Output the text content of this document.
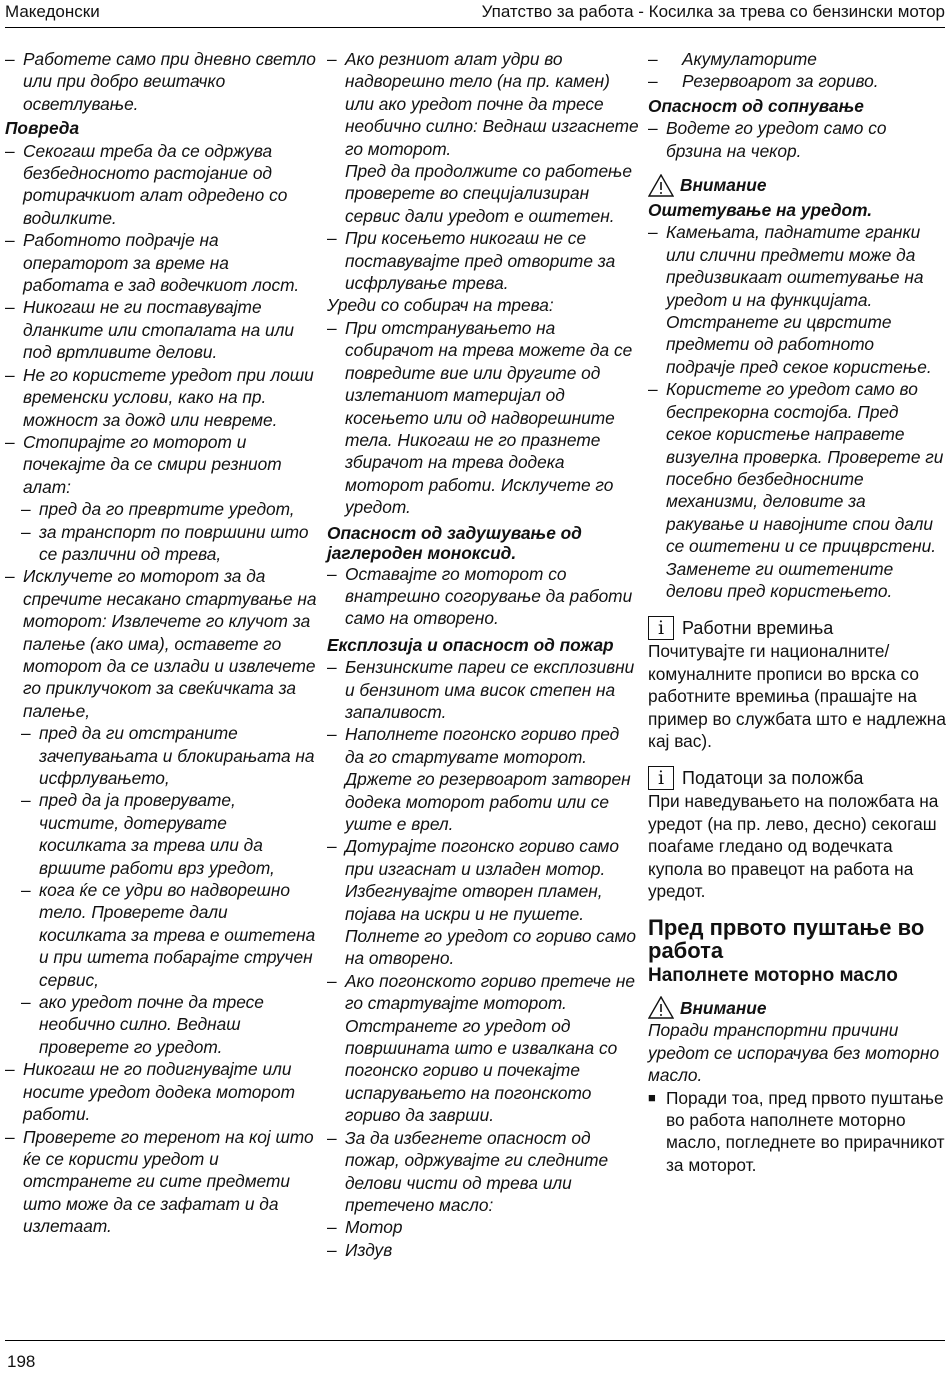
Македонски	Упатство за работа - Косилка за трева со бензински мотор
– Работете само при дневно светло или при добро вештачко осветлување.
Повреда
– Секогаш треба да се одржува безбедносното растојание од ротирачкиот алат одредено со водилките.
– Работното подрачје на операторот за време на работата е зад водечкиот лост.
– Никогаш не ги поставувајте дланките или стопалата на или под вртливите делови.
– Не го користете уредот при лоши временски услови, како на пр. можност за дожд или невреме.
– Стопирајте го моторот и почекајте да се смири резниот алат:
– пред да го превртите уредот,
– за транспорт по површини што се различни од трева,
– Исклучете го моторот за да спречите несакано стартување на моторот: Извлечете го клучот за палење (ако има), оставете го моторот да се излади и извлечете го приклучокот за свеќичката за палење,
– пред да ги отстраните зачепувањата и блокирањата на исфрлувањето,
– пред да ја проверувате, чистите, дотерувате косилката за трева или да вршите работи врз уредот,
– кога ќе се удри во надворешно тело. Проверете дали косилката за трева е оштетена и при штета побарајте стручен сервис,
– ако уредот почне да тресе необично силно. Веднаш проверете го уредот.
– Никогаш не го подигнувајте или носите уредот додека моторот работи.
– Проверете го теренот на кој што ќе се користи уредот и отстранете ги сите предмети што може да се зафатат и да излетаат.
– Ако резниот алат удри во надворешно тело (на пр. камен) или ако уредот почне да тресе необично силно: Веднаш изгаснете го моторот.
Пред да продолжите со работење проверете во специјализиран сервис дали уредот е оштетен.
– При косењето никогаш не се поставувајте пред отворите за исфрлување трева.
Уреди со собирач на трева:
– При отстранувањето на собирачот на трева можете да се повредите вие или другите од излетаниот материјал од косењето или од надворешните тела. Никогаш не го празнете збирачот на трева додека моторот работи. Исклучете го уредот.
Опасност од задушување од јаглероден моноксид.
– Оставајте го моторот со внатрешно согорување да работи само на отворено.
Експлозија и опасност од пожар
– Бензинските пареи се експлозивни и бензинот има висок степен на запаливост.
– Наполнете погонско гориво пред да го стартувате моторот. Држете го резервоарот затворен додека моторот работи или се уште е врел.
– Дотурајте погонско гориво само при изгаснат и изладен мотор. Избегнувајте отворен пламен, појава на искри и не пушете. Полнете го уредот со гориво само на отворено.
– Ако погонското гориво претече не го стартувајте моторот. Отстранете го уредот од површината што е извалкана со погонско гориво и почекајте испарувањето на погонското гориво да заврши.
– За да избегнете опасност од пожар, одржувајте ги следните делови чисти од трева или претечено масло:
– Мотор
– Издув
– Акумулаторите
– Резервоарот за гориво.
Опасност од сопнување
– Водете го уредот само со брзина на чекор.
Внимание
Оштетување на уредот.
– Камењата, паднатите гранки или слични предмети може да предизвикаат оштетување на уредот и на функцијата.
Отстранете ги цврстите предмети од работното подрачје пред секое користење.
– Користете го уредот само во беспрекорна состојба. Пред секое користење направете визуелна проверка. Проверете ги посебно безбедносните механизми, деловите за ракување и навојните спои дали се оштетени и се прицврстени.
Заменете ги оштетените делови пред користењето.
i Работни времиња
Почитувајте ги националните/ комуналните прописи во врска со работните времиња (прашајте на пример во службата што е надлежна кај вас).
i Податоци за положба
При наведувањето на положбата на уредот (на пр. лево, десно) секогаш поаѓаме гледано од водечката купола во правецот на работа на уредот.
Пред првото пуштање во работа
Наполнете моторно масло
Внимание
Поради транспортни причини уредот се испорачува без моторно масло.
■ Поради тоа, пред првото пуштање во работа наполнете моторно масло, погледнете во прирачникот за моторот.
198
